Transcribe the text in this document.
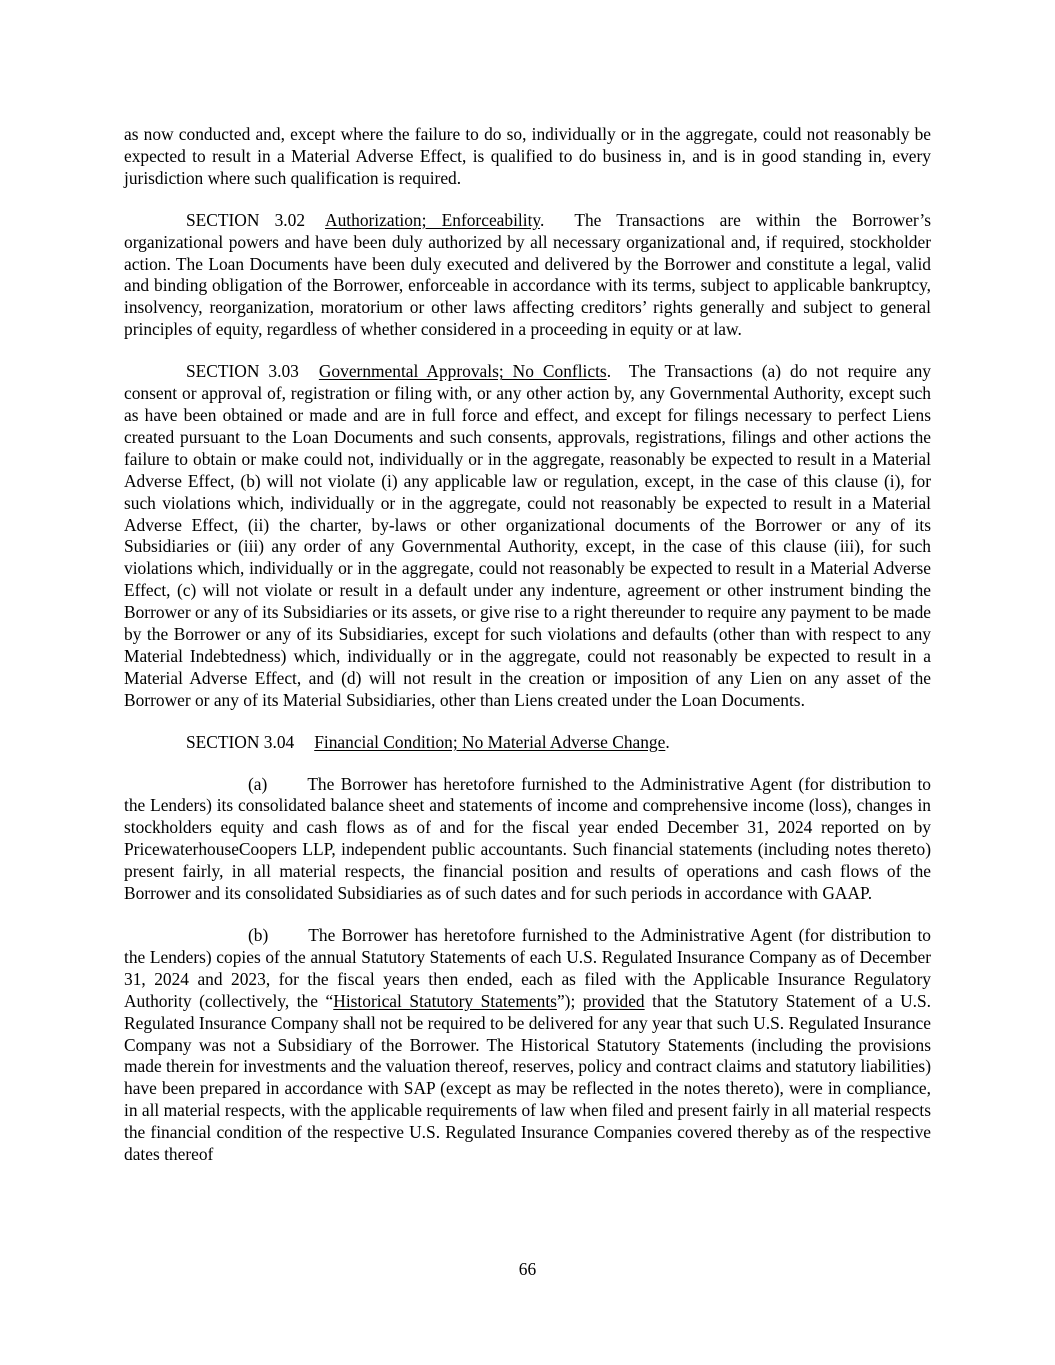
as now conducted and, except where the failure to do so, individually or in the aggregate, could not reasonably be expected to result in a Material Adverse Effect, is qualified to do business in, and is in good standing in, every jurisdiction where such qualification is required.

SECTION 3.02 Authorization; Enforceability.  The Transactions are within the Borrower’s organizational powers and have been duly authorized by all necessary organizational and, if required, stockholder action. The Loan Documents have been duly executed and delivered by the Borrower and constitute a legal, valid and binding obligation of the Borrower, enforceable in accordance with its terms, subject to applicable bankruptcy, insolvency, reorganization, moratorium or other laws affecting creditors’ rights generally and subject to general principles of equity, regardless of whether considered in a proceeding in equity or at law.

SECTION 3.03 Governmental Approvals; No Conflicts.  The Transactions (a) do not require any consent or approval of, registration or filing with, or any other action by, any Governmental Authority, except such as have been obtained or made and are in full force and effect, and except for filings necessary to perfect Liens created pursuant to the Loan Documents and such consents, approvals, registrations, filings and other actions the failure to obtain or make could not, individually or in the aggregate, reasonably be expected to result in a Material Adverse Effect, (b) will not violate (i) any applicable law or regulation, except, in the case of this clause (i), for such violations which, individually or in the aggregate, could not reasonably be expected to result in a Material Adverse Effect, (ii) the charter, by-laws or other organizational documents of the Borrower or any of its Subsidiaries or (iii) any order of any Governmental Authority, except, in the case of this clause (iii), for such violations which, individually or in the aggregate, could not reasonably be expected to result in a Material Adverse Effect, (c) will not violate or result in a default under any indenture, agreement or other instrument binding the Borrower or any of its Subsidiaries or its assets, or give rise to a right thereunder to require any payment to be made by the Borrower or any of its Subsidiaries, except for such violations and defaults (other than with respect to any Material Indebtedness) which, individually or in the aggregate, could not reasonably be expected to result in a Material Adverse Effect, and (d) will not result in the creation or imposition of any Lien on any asset of the Borrower or any of its Material Subsidiaries, other than Liens created under the Loan Documents.

SECTION 3.04 Financial Condition; No Material Adverse Change.

(a) The Borrower has heretofore furnished to the Administrative Agent (for distribution to the Lenders) its consolidated balance sheet and statements of income and comprehensive income (loss), changes in stockholders equity and cash flows as of and for the fiscal year ended December 31, 2024 reported on by PricewaterhouseCoopers LLP, independent public accountants. Such financial statements (including notes thereto) present fairly, in all material respects, the financial position and results of operations and cash flows of the Borrower and its consolidated Subsidiaries as of such dates and for such periods in accordance with GAAP.

(b) The Borrower has heretofore furnished to the Administrative Agent (for distribution to the Lenders) copies of the annual Statutory Statements of each U.S. Regulated Insurance Company as of December 31, 2024 and 2023, for the fiscal years then ended, each as filed with the Applicable Insurance Regulatory Authority (collectively, the “Historical Statutory Statements”); provided that the Statutory Statement of a U.S. Regulated Insurance Company shall not be required to be delivered for any year that such U.S. Regulated Insurance Company was not a Subsidiary of the Borrower. The Historical Statutory Statements (including the provisions made therein for investments and the valuation thereof, reserves, policy and contract claims and statutory liabilities) have been prepared in accordance with SAP (except as may be reflected in the notes thereto), were in compliance, in all material respects, with the applicable requirements of law when filed and present fairly in all material respects the financial condition of the respective U.S. Regulated Insurance Companies covered thereby as of the respective dates thereof

66
